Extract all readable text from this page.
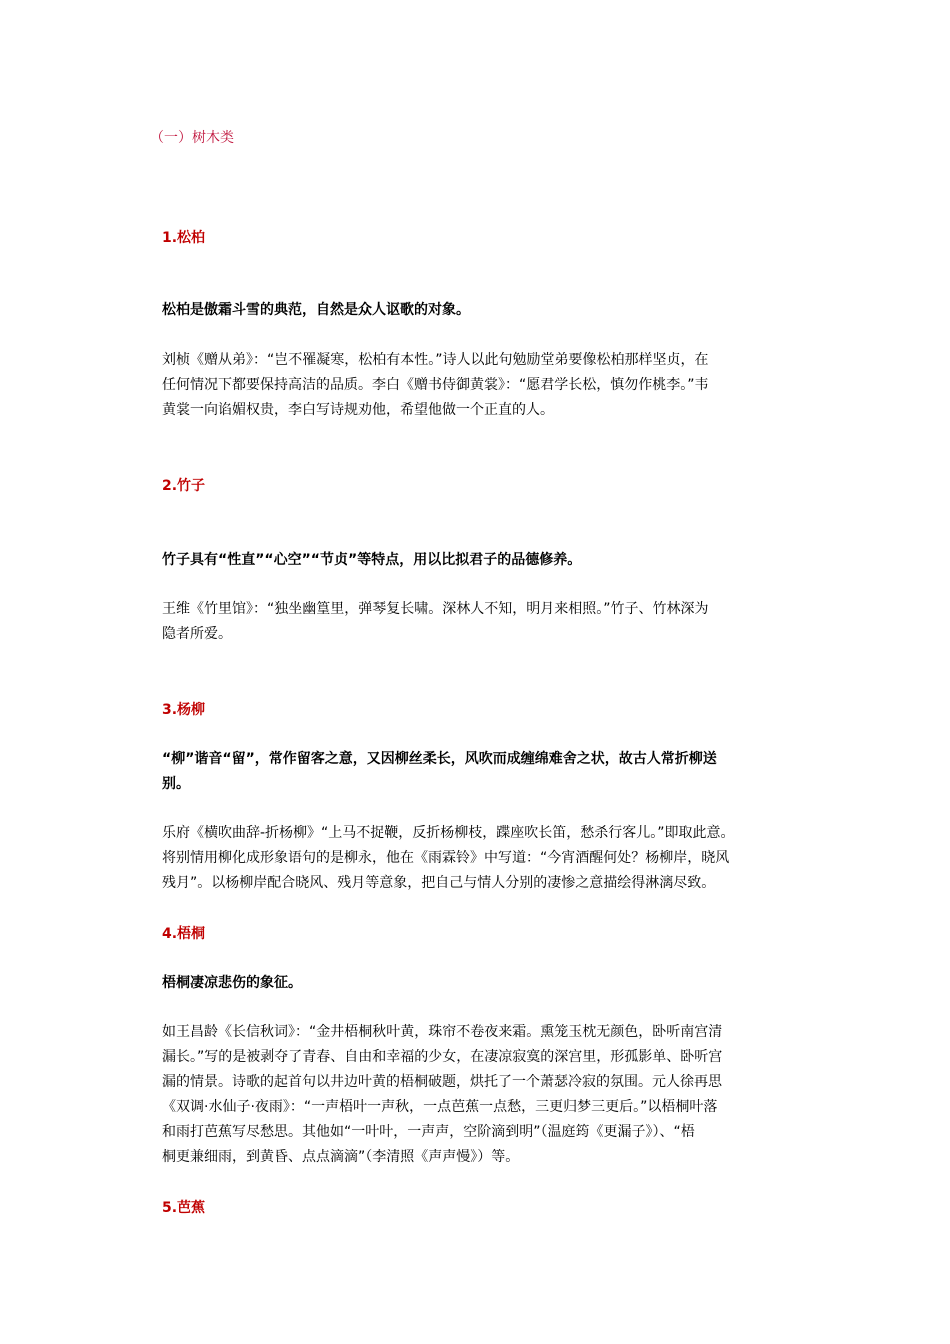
（一）树木类
1.松柏
松柏是傲霜斗雪的典范，自然是众人讴歌的对象。
刘桢《赠从弟》：“岂不罹凝寒，松柏有本性。”诗人以此句勉励堂弟要像松柏那样坚贞，在
任何情况下都要保持高洁的品质。李白《赠书侍御黄裳》：“愿君学长松，慎勿作桃李。”韦
黄裳一向谄媚权贵，李白写诗规劝他，希望他做一个正直的人。
2.竹子
竹子具有“性直”“心空”“节贞”等特点，用以比拟君子的品德修养。
王维《竹里馆》：“独坐幽篁里，弹琴复长啸。深林人不知，明月来相照。”竹子、竹林深为
隐者所爱。
3.杨柳
“柳”谐音“留”，常作留客之意，又因柳丝柔长，风吹而成缠绵难舍之状，故古人常折柳送
别。
乐府《横吹曲辞-折杨柳》“上马不捉鞭，反折杨柳枝，蹀座吹长笛，愁杀行客儿。”即取此意。
将别情用柳化成形象语句的是柳永，他在《雨霖铃》中写道：“今宵酒醒何处？杨柳岸，晓风
残月”。以杨柳岸配合晓风、残月等意象，把自己与情人分别的凄惨之意描绘得淋漓尽致。
4.梧桐
梧桐凄凉悲伤的象征。
如王昌龄《长信秋词》：“金井梧桐秋叶黄，珠帘不卷夜来霜。熏笼玉枕无颜色，卧听南宫清
漏长。”写的是被剥夺了青春、自由和幸福的少女，在凄凉寂寞的深宫里，形孤影单、卧听宫
漏的情景。诗歌的起首句以井边叶黄的梧桐破题，烘托了一个萧瑟冷寂的氛围。元人徐再思
《双调·水仙子·夜雨》：“一声梧叶一声秋，一点芭蕉一点愁，三更归梦三更后。”以梧桐叶落
和雨打芭蕉写尽愁思。其他如“一叶叶，一声声，空阶滴到明”（温庭筠《更漏子》）、“梧
桐更兼细雨，到黄昏、点点滴滴”（李清照《声声慢》）等。
5.芭蕉
